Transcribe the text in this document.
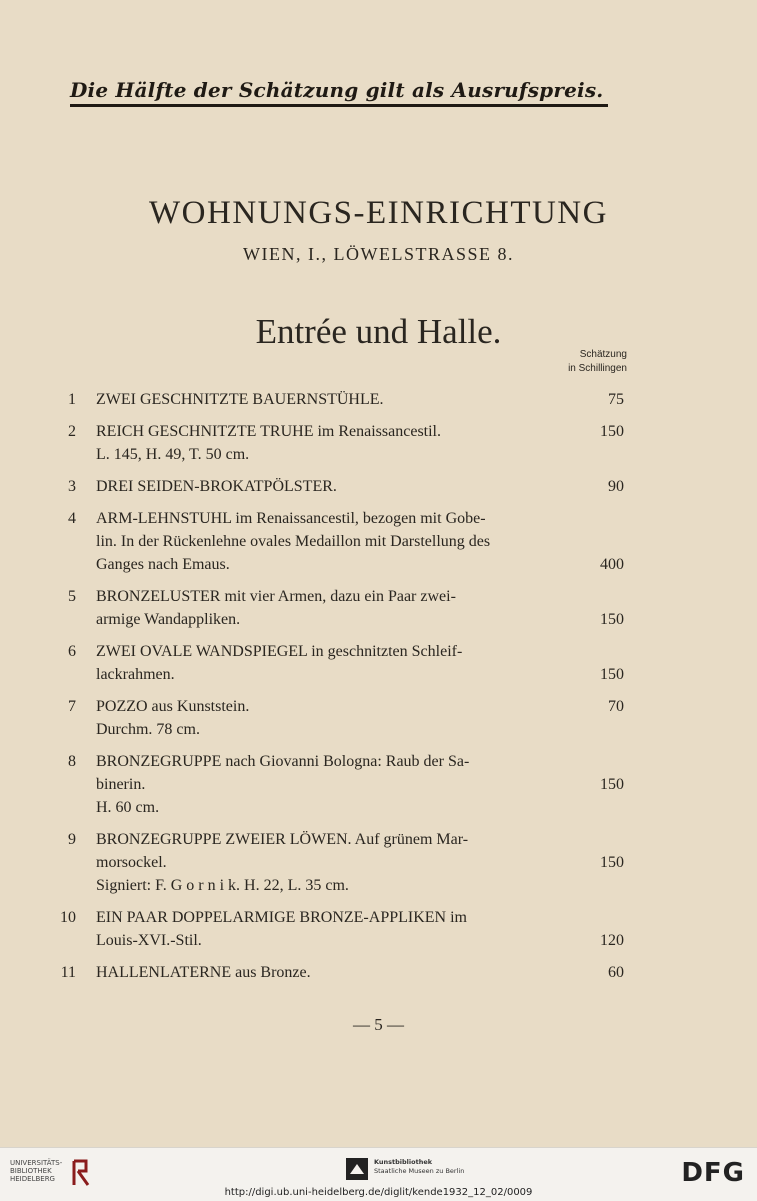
Die Hälfte der Schätzung gilt als Ausrufspreis.
WOHNUNGS-EINRICHTUNG
WIEN, I., LÖWELSTRASSE 8.
Entrée und Halle.
Schätzung
in Schillingen
1 ZWEI GESCHNITZTE BAUERNSTÜHLE.	75
2 REICH GESCHNITZTE TRUHE im Renaissancestil.
L. 145, H. 49, T. 50 cm.
150
3 DREI SEIDEN-BROKATPÖLSTER.	90
4 ARM-LEHNSTUHL im Renaissancestil, bezogen mit Gobe-
lin. In der Rückenlehne ovales Medaillon mit Darstellung des
Ganges nach Emaus.	400
5 BRONZELUSTER mit vier Armen, dazu ein Paar zwei-
armige Wandappliken.	150
6 ZWEI OVALE WANDSPIEGEL in geschnitzten Schleif-
lackrahmen.	150
7 POZZO aus Kunststein.
Durchm. 78 cm.
70
8 BRONZEGRUPPE nach Giovanni Bologna: Raub der Sa-
binerin.
H. 60 cm.
150
9 BRONZEGRUPPE ZWEIER LÖWEN. Auf grünem Mar-
morsockel.
Signiert: F. G o r n i k. H. 22, L. 35 cm.
150
10 EIN PAAR DOPPELARMIGE BRONZE-APPLIKEN im
Louis-XVI.-Stil.	120
11 HALLENLATERNE aus Bronze.	60
— 5 —
UNIVERSITÄTS-
BIBLIOTHEK
HEIDELBERG
Kunstbibliothek
Staatliche Museen zu Berlin	DFG
http://digi.ub.uni-heidelberg.de/diglit/kende1932_12_02/0009
